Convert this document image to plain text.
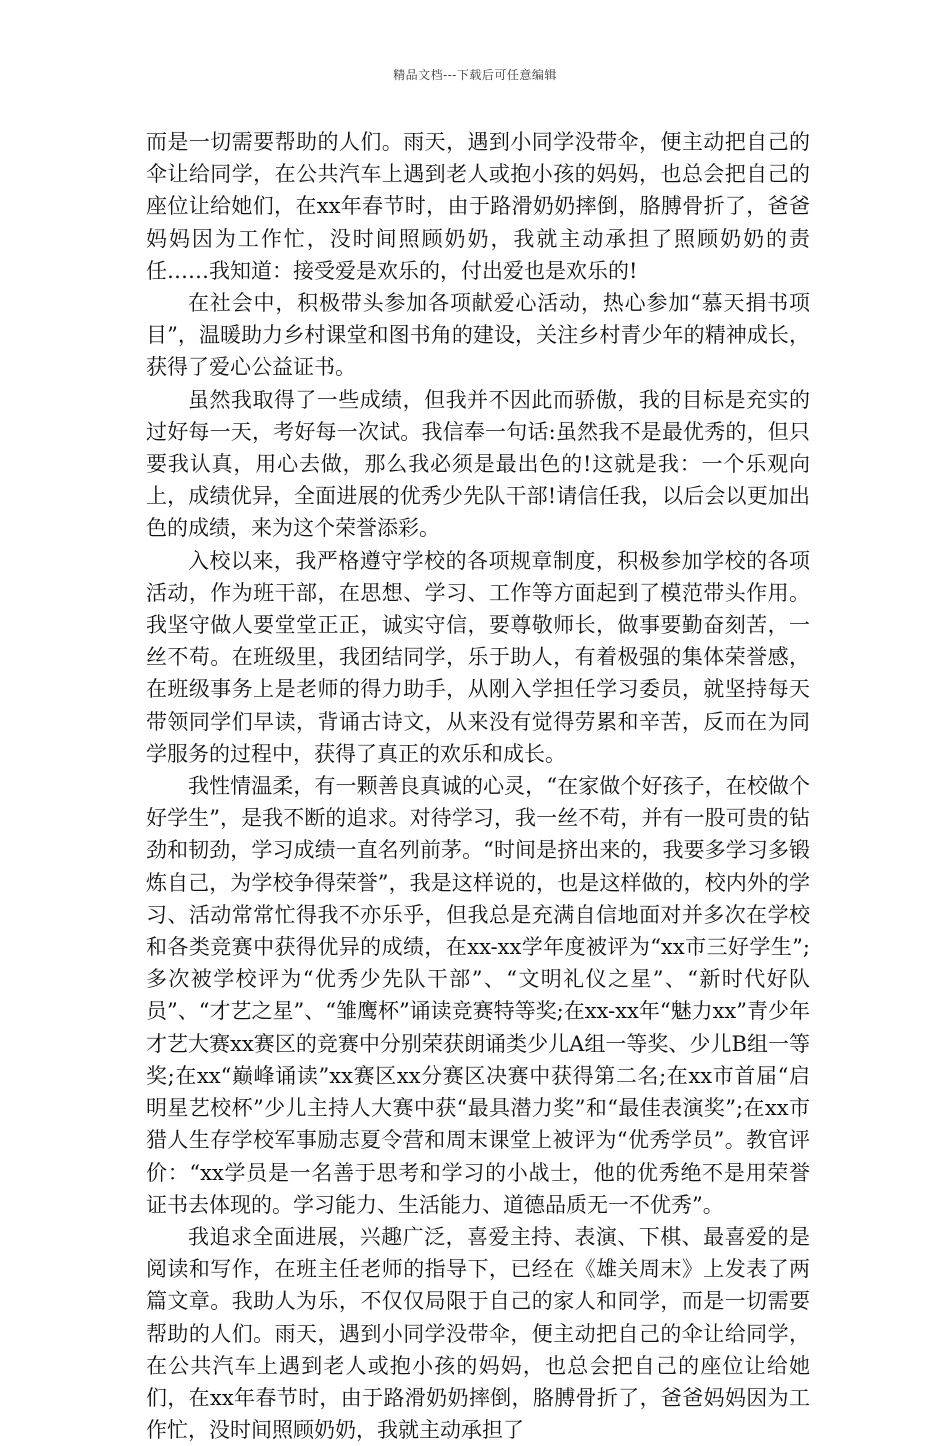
精品文档---下载后可任意编辑

而是一切需要帮助的人们。雨天，遇到小同学没带伞，便主动把自己的伞让给同学，在公共汽车上遇到老人或抱小孩的妈妈，也总会把自己的座位让给她们，在xx年春节时，由于路滑奶奶摔倒，胳膊骨折了，爸爸妈妈因为工作忙，没时间照顾奶奶，我就主动承担了照顾奶奶的责任……我知道：接受爱是欢乐的，付出爱也是欢乐的!

在社会中，积极带头参加各项献爱心活动，热心参加“慕天捐书项目”，温暖助力乡村课堂和图书角的建设，关注乡村青少年的精神成长，获得了爱心公益证书。

虽然我取得了一些成绩，但我并不因此而骄傲，我的目标是充实的过好每一天，考好每一次试。我信奉一句话:虽然我不是最优秀的，但只要我认真，用心去做，那么我必须是最出色的!这就是我：一个乐观向上，成绩优异，全面进展的优秀少先队干部!请信任我，以后会以更加出色的成绩，来为这个荣誉添彩。

入校以来，我严格遵守学校的各项规章制度，积极参加学校的各项活动，作为班干部，在思想、学习、工作等方面起到了模范带头作用。我坚守做人要堂堂正正，诚实守信，要尊敬师长，做事要勤奋刻苦，一丝不苟。在班级里，我团结同学，乐于助人，有着极强的集体荣誉感，在班级事务上是老师的得力助手，从刚入学担任学习委员，就坚持每天带领同学们早读，背诵古诗文，从来没有觉得劳累和辛苦，反而在为同学服务的过程中，获得了真正的欢乐和成长。

我性情温柔，有一颗善良真诚的心灵，“在家做个好孩子，在校做个好学生”，是我不断的追求。对待学习，我一丝不苟，并有一股可贵的钻劲和韧劲，学习成绩一直名列前茅。“时间是挤出来的，我要多学习多锻炼自己，为学校争得荣誉”，我是这样说的，也是这样做的，校内外的学习、活动常常忙得我不亦乐乎，但我总是充满自信地面对并多次在学校和各类竞赛中获得优异的成绩，在xx-xx学年度被评为“xx市三好学生”;多次被学校评为“优秀少先队干部”、“文明礼仪之星”、“新时代好队员”、“才艺之星”、“雏鹰杯”诵读竞赛特等奖;在xx-xx年“魅力xx”青少年才艺大赛xx赛区的竞赛中分别荣获朗诵类少儿A组一等奖、少儿B组一等奖;在xx“巅峰诵读”xx赛区xx分赛区决赛中获得第二名;在xx市首届“启明星艺校杯”少儿主持人大赛中获“最具潜力奖”和“最佳表演奖”;在xx市猎人生存学校军事励志夏令营和周末课堂上被评为“优秀学员”。教官评价：“xx学员是一名善于思考和学习的小战士，他的优秀绝不是用荣誉证书去体现的。学习能力、生活能力、道德品质无一不优秀”。

我追求全面进展，兴趣广泛，喜爱主持、表演、下棋、最喜爱的是阅读和写作，在班主任老师的指导下，已经在《雄关周末》上发表了两篇文章。我助人为乐，不仅仅局限于自己的家人和同学，而是一切需要帮助的人们。雨天，遇到小同学没带伞，便主动把自己的伞让给同学，在公共汽车上遇到老人或抱小孩的妈妈，也总会把自己的座位让给她们，在xx年春节时，由于路滑奶奶摔倒，胳膊骨折了，爸爸妈妈因为工作忙，没时间照顾奶奶，我就主动承担了
